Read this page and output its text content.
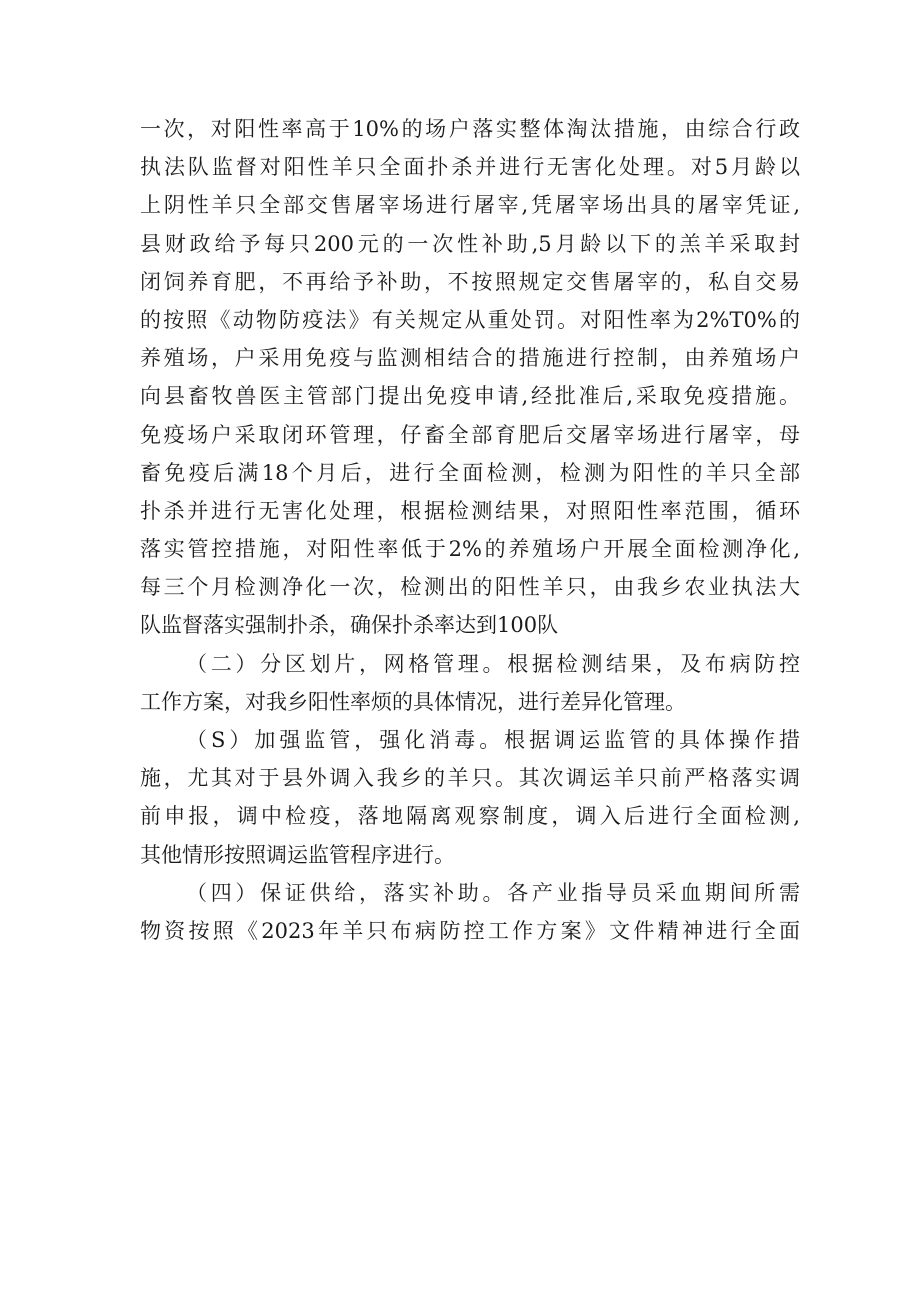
一次，对阳性率高于10%的场户落实整体淘汰措施，由综合行政
执法队监督对阳性羊只全面扑杀并进行无害化处理。对5月龄以
上阴性羊只全部交售屠宰场进行屠宰,凭屠宰场出具的屠宰凭证,
县财政给予每只200元的一次性补助,5月龄以下的羔羊采取封
闭饲养育肥，不再给予补助，不按照规定交售屠宰的，私自交易
的按照《动物防疫法》有关规定从重处罚。对阳性率为2%T0%的
养殖场，户采用免疫与监测相结合的措施进行控制，由养殖场户
向县畜牧兽医主管部门提出免疫申请,经批准后,采取免疫措施。
免疫场户采取闭环管理，仔畜全部育肥后交屠宰场进行屠宰，母
畜免疫后满18个月后，进行全面检测，检测为阳性的羊只全部
扑杀并进行无害化处理，根据检测结果，对照阳性率范围，循环
落实管控措施，对阳性率低于2%的养殖场户开展全面检测净化,
每三个月检测净化一次，检测出的阳性羊只，由我乡农业执法大
队监督落实强制扑杀，确保扑杀率达到100队
（二）分区划片，网格管理。根据检测结果，及布病防控
工作方案，对我乡阳性率烦的具体情况，进行差异化管理。
（S）加强监管，强化消毒。根据调运监管的具体操作措
施，尤其对于县外调入我乡的羊只。其次调运羊只前严格落实调
前申报，调中检疫，落地隔离观察制度，调入后进行全面检测,
其他情形按照调运监管程序进行。
（四）保证供给，落实补助。各产业指导员采血期间所需
物资按照《2023年羊只布病防控工作方案》文件精神进行全面
